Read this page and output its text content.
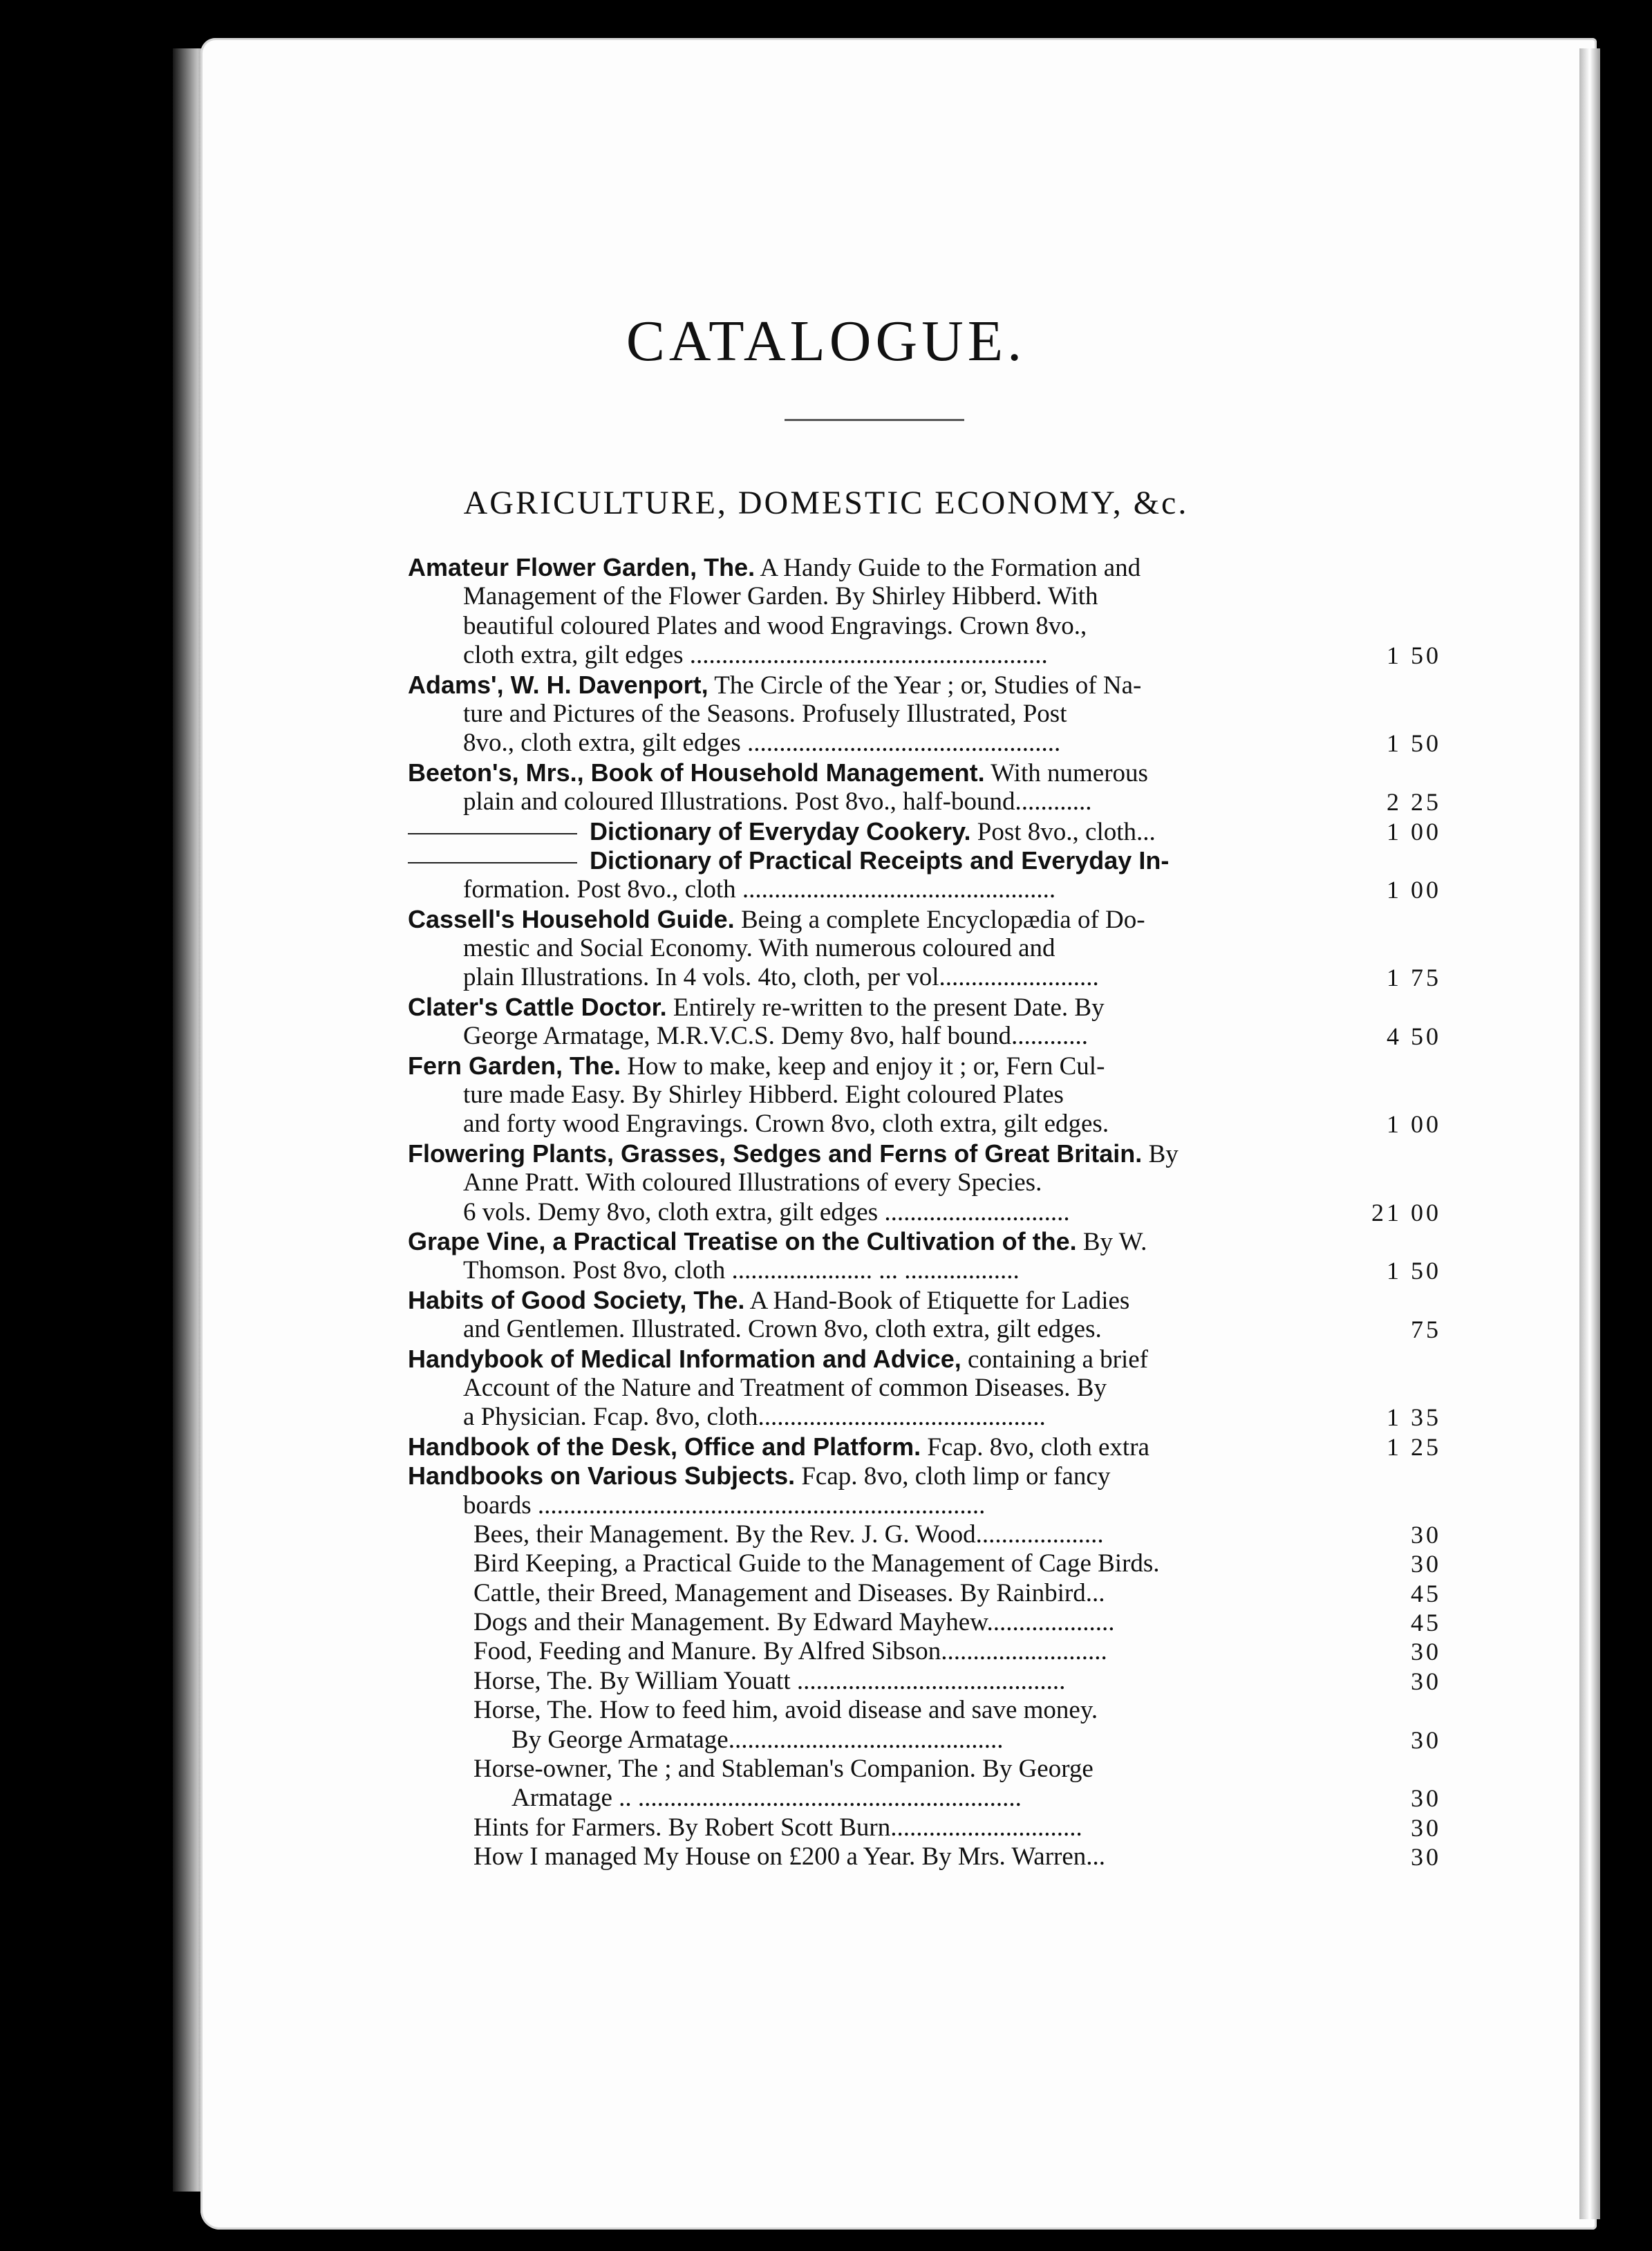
CATALOGUE.
AGRICULTURE, DOMESTIC ECONOMY, &c.
Amateur Flower Garden, The. A Handy Guide to the Formation and
Management of the Flower Garden. By Shirley Hibberd. With
beautiful coloured Plates and wood Engravings. Crown 8vo.,
cloth extra, gilt edges ........................................................	1 50
Adams', W. H. Davenport, The Circle of the Year ; or, Studies of Na-
ture and Pictures of the Seasons. Profusely Illustrated, Post
8vo., cloth extra, gilt edges .................................................	1 50
Beeton's, Mrs., Book of Household Management. With numerous
plain and coloured Illustrations. Post 8vo., half-bound............	2 25
Dictionary of Everyday Cookery. Post 8vo., cloth...	1 00
Dictionary of Practical Receipts and Everyday In-
formation. Post 8vo., cloth .................................................	1 00
Cassell's Household Guide. Being a complete Encyclopædia of Do-
mestic and Social Economy. With numerous coloured and
plain Illustrations. In 4 vols. 4to, cloth, per vol.........................	1 75
Clater's Cattle Doctor. Entirely re-written to the present Date. By
George Armatage, M.R.V.C.S. Demy 8vo, half bound............	4 50
Fern Garden, The. How to make, keep and enjoy it ; or, Fern Cul-
ture made Easy. By Shirley Hibberd. Eight coloured Plates
and forty wood Engravings. Crown 8vo, cloth extra, gilt edges.	1 00
Flowering Plants, Grasses, Sedges and Ferns of Great Britain. By
Anne Pratt. With coloured Illustrations of every Species.
6 vols. Demy 8vo, cloth extra, gilt edges .............................	21 00
Grape Vine, a Practical Treatise on the Cultivation of the. By W.
Thomson. Post 8vo, cloth ...................... ... ..................	1 50
Habits of Good Society, The. A Hand-Book of Etiquette for Ladies
and Gentlemen. Illustrated. Crown 8vo, cloth extra, gilt edges.	75
Handybook of Medical Information and Advice, containing a brief
Account of the Nature and Treatment of common Diseases. By
a Physician. Fcap. 8vo, cloth.............................................	1 35
Handbook of the Desk, Office and Platform. Fcap. 8vo, cloth extra	1 25
Handbooks on Various Subjects. Fcap. 8vo, cloth limp or fancy
boards ......................................................................
Bees, their Management. By the Rev. J. G. Wood....................	30
Bird Keeping, a Practical Guide to the Management of Cage Birds.	30
Cattle, their Breed, Management and Diseases. By Rainbird...	45
Dogs and their Management. By Edward Mayhew....................	45
Food, Feeding and Manure. By Alfred Sibson..........................	30
Horse, The. By William Youatt ..........................................	30
Horse, The. How to feed him, avoid disease and save money.
By George Armatage...........................................	30
Horse-owner, The ; and Stableman's Companion. By George
Armatage .. ............................................................	30
Hints for Farmers. By Robert Scott Burn..............................	30
How I managed My House on £200 a Year. By Mrs. Warren...	30
